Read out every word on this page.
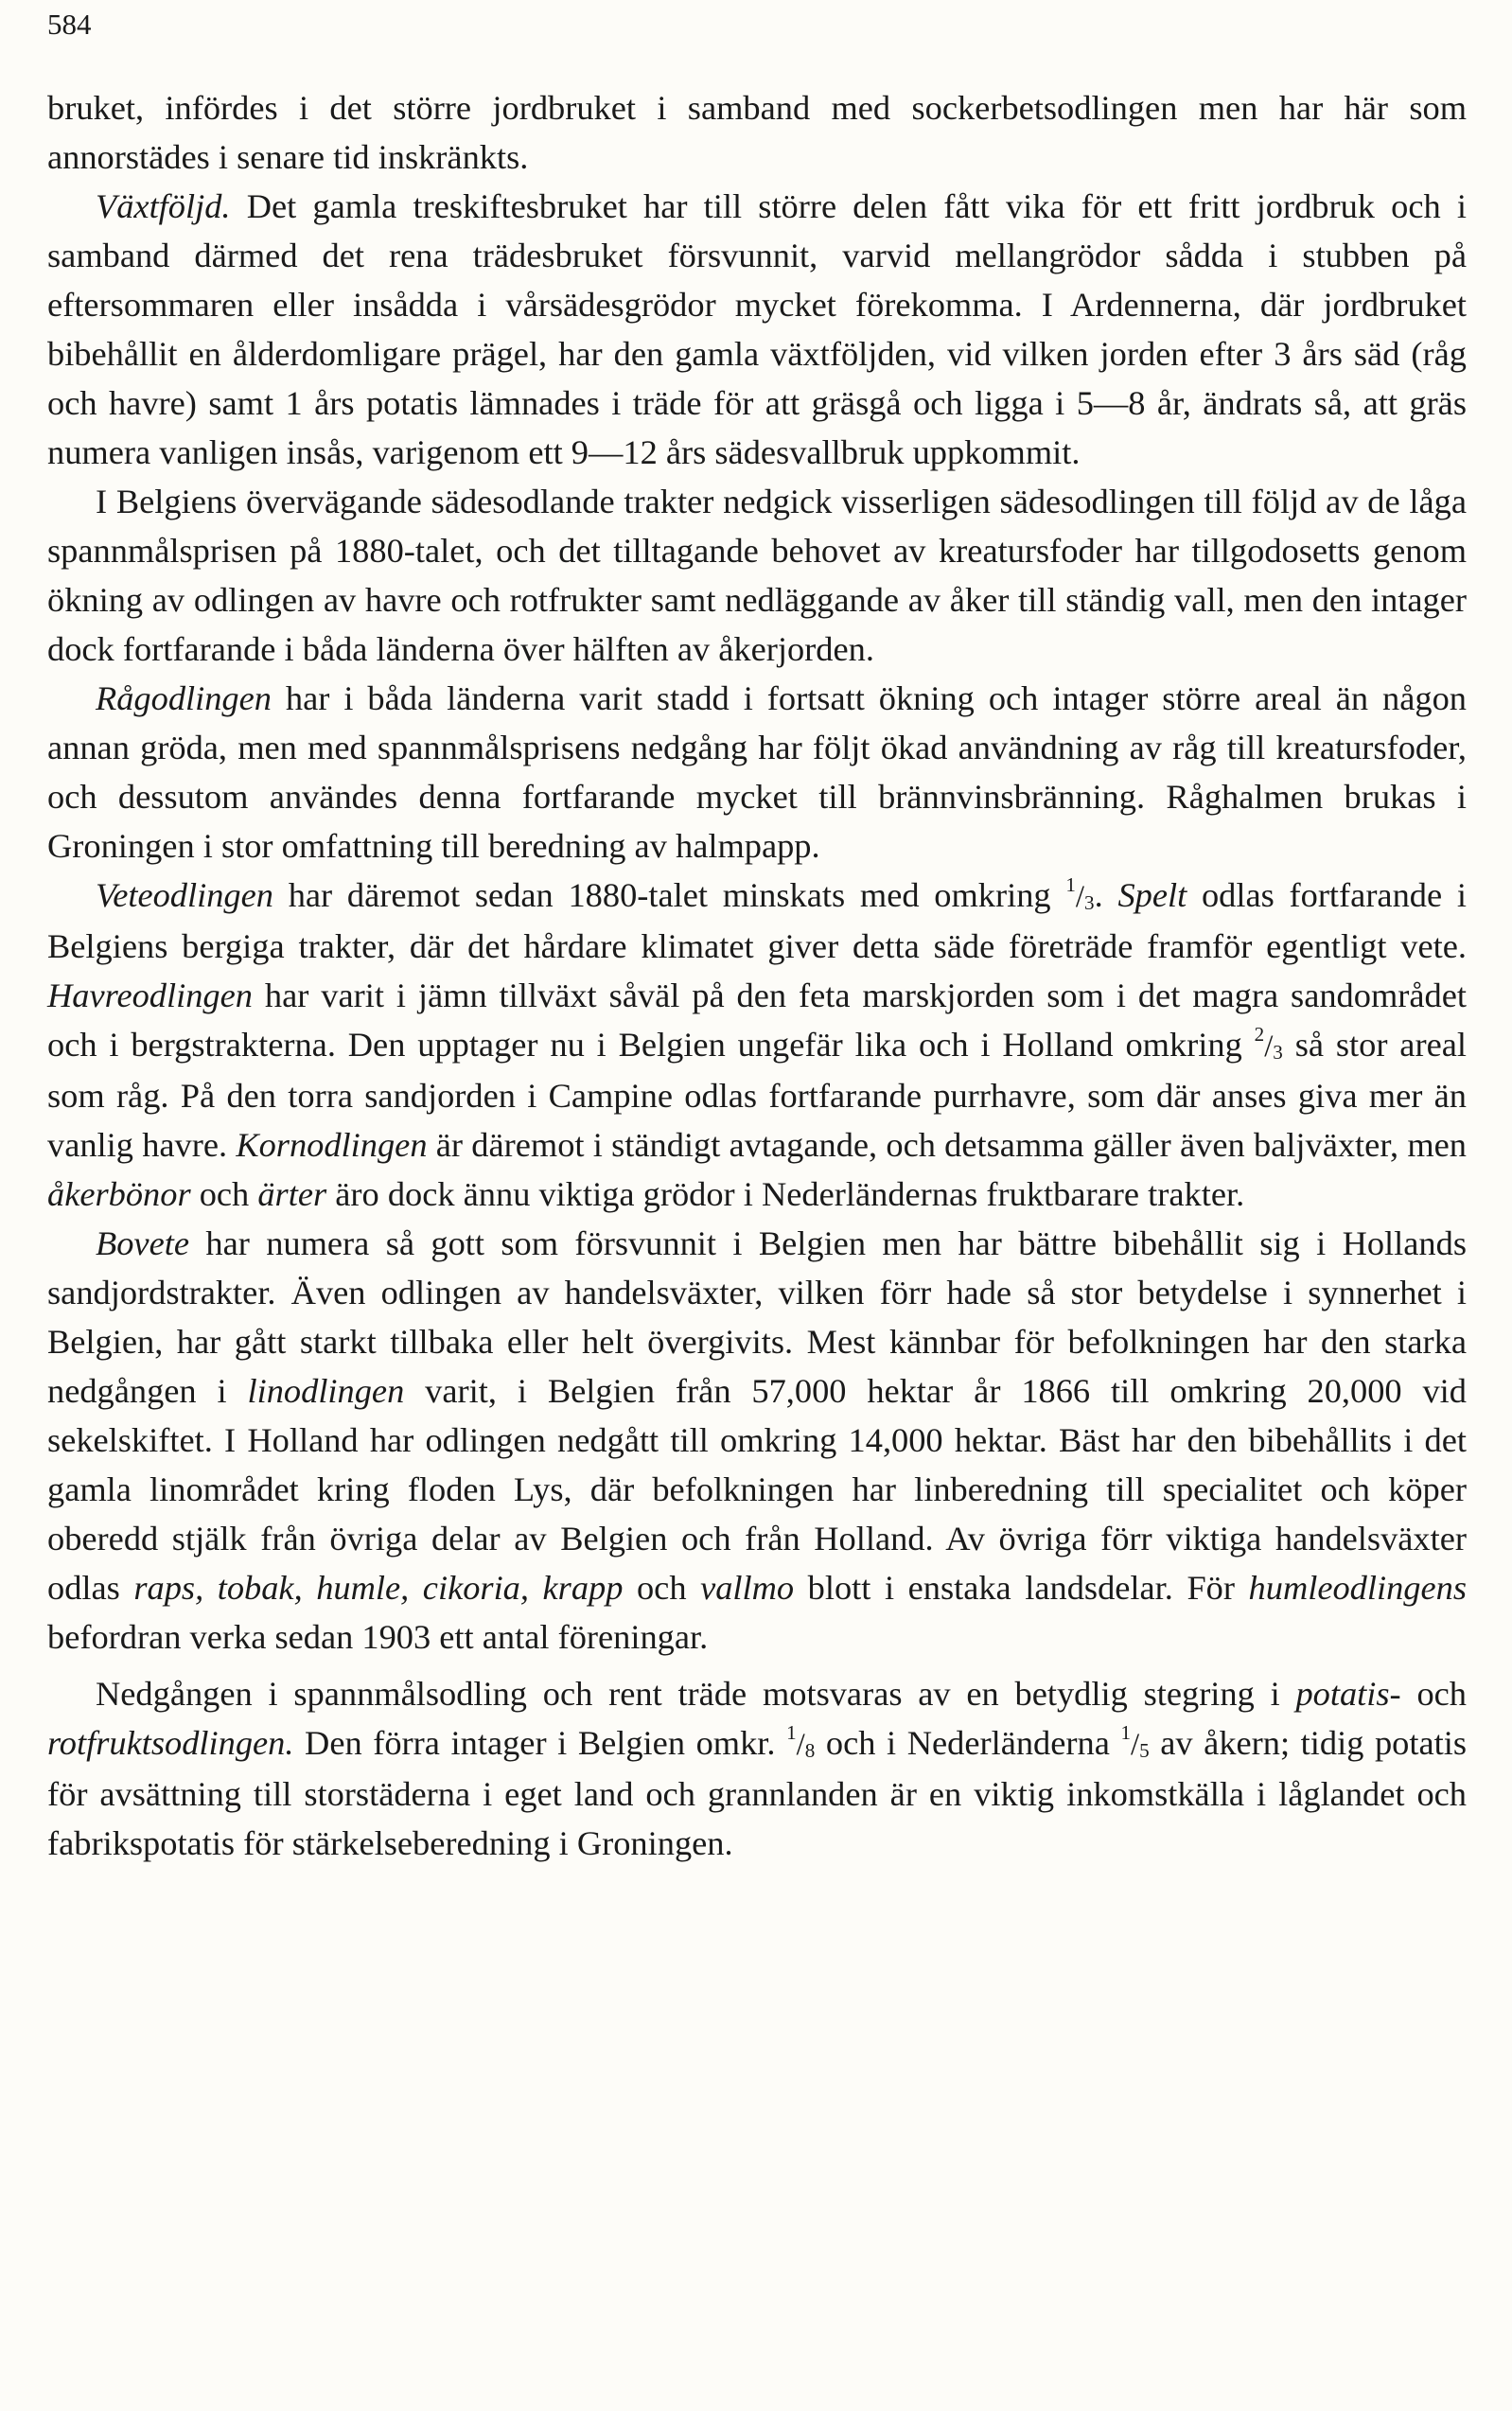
584

bruket, infördes i det större jordbruket i samband med sockerbetsodlingen men har här som annorstädes i senare tid inskränkts.

Växtföljd. Det gamla treskiftesbruket har till större delen fått vika för ett fritt jordbruk och i samband därmed det rena trädesbruket försvunnit, varvid mellangrödor sådda i stubben på eftersommaren eller insådda i vårsädesgrödor mycket förekomma. I Ardennerna, där jordbruket bibehållit en ålderdomligare prägel, har den gamla växtföljden, vid vilken jorden efter 3 års säd (råg och havre) samt 1 års potatis lämnades i träde för att gräsgå och ligga i 5—8 år, ändrats så, att gräs numera vanligen insås, varigenom ett 9—12 års sädesvallbruk uppkommit.

I Belgiens övervägande sädesodlande trakter nedgick visserligen sädesodlingen till följd av de låga spannmålsprisen på 1880-talet, och det tilltagande behovet av kreatursfoder har tillgodosetts genom ökning av odlingen av havre och rotfrukter samt nedläggande av åker till ständig vall, men den intager dock fortfarande i båda länderna över hälften av åkerjorden.

Rågodlingen har i båda länderna varit stadd i fortsatt ökning och intager större areal än någon annan gröda, men med spannmålsprisens nedgång har följt ökad användning av råg till kreatursfoder, och dessutom användes denna fortfarande mycket till brännvinsbränning. Råghalmen brukas i Groningen i stor omfattning till beredning av halmpapp.

Veteodlingen har däremot sedan 1880-talet minskats med omkring $^1/_3$. Spelt odlas fortfarande i Belgiens bergiga trakter, där det hårdare klimatet giver detta säde företräde framför egentligt vete. Havreodlingen har varit i jämn tillväxt såväl på den feta marskjorden som i det magra sandområdet och i bergstrakterna. Den upptager nu i Belgien ungefär lika och i Holland omkring $^2/_3$ så stor areal som råg. På den torra sandjorden i Campine odlas fortfarande purrhavre, som där anses giva mer än vanlig havre. Kornodlingen är däremot i ständigt avtagande, och detsamma gäller även baljväxter, men åkerbönor och ärter äro dock ännu viktiga grödor i Nederländernas fruktbarare trakter.

Bovete har numera så gott som försvunnit i Belgien men har bättre bibehållit sig i Hollands sandjordstrakter. Även odlingen av handelsväxter, vilken förr hade så stor betydelse i synnerhet i Belgien, har gått starkt tillbaka eller helt övergivits. Mest kännbar för befolkningen har den starka nedgången i linodlingen varit, i Belgien från 57,000 hektar år 1866 till omkring 20,000 vid sekelskiftet. I Holland har odlingen nedgått till omkring 14,000 hektar. Bäst har den bibehållits i det gamla linområdet kring floden Lys, där befolkningen har linberedning till specialitet och köper oberedd stjälk från övriga delar av Belgien och från Holland. Av övriga förr viktiga handelsväxter odlas raps, tobak, humle, cikoria, krapp och vallmo blott i enstaka landsdelar. För humleodlingens befordran verka sedan 1903 ett antal föreningar.

Nedgången i spannmålsodling och rent träde motsvaras av en betydlig stegring i potatis- och rotfruktsodlingen. Den förra intager i Belgien omkr. $^1/_8$ och i Nederländerna $^1/_5$ av åkern; tidig potatis för avsättning till storstäderna i eget land och grannlanden är en viktig inkomstkälla i låglandet och fabrikspotatis för stärkelseberedning i Groningen.
